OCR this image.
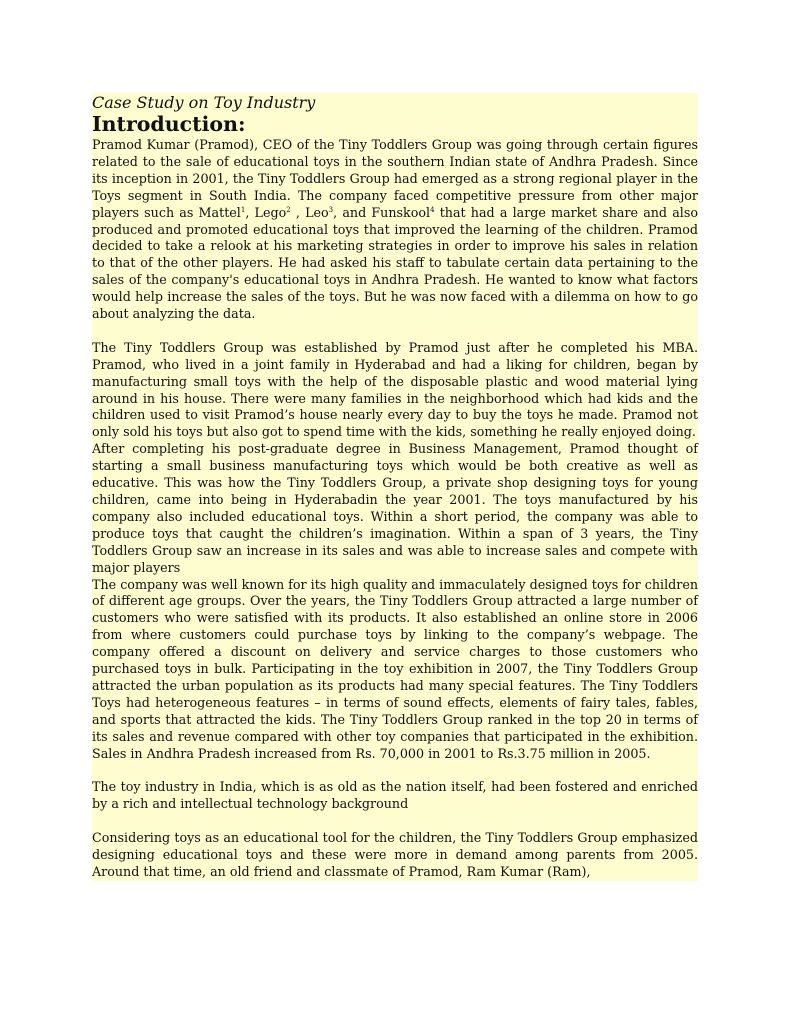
Case Study on Toy Industry
Introduction:

Pramod Kumar (Pramod), CEO of the Tiny Toddlers Group was going through certain figures related to the sale of educational toys in the southern Indian state of Andhra Pradesh. Since its inception in 2001, the Tiny Toddlers Group had emerged as a strong regional player in the Toys segment in South India. The company faced competitive pressure from other major players such as Mattel$^1$, Lego$^2$ , Leo$^3$, and Funskool$^4$ that had a large market share and also produced and promoted educational toys that improved the learning of the children. Pramod decided to take a relook at his marketing strategies in order to improve his sales in relation to that of the other players. He had asked his staff to tabulate certain data pertaining to the sales of the company's educational toys in Andhra Pradesh. He wanted to know what factors would help increase the sales of the toys. But he was now faced with a dilemma on how to go about analyzing the data.

The Tiny Toddlers Group was established by Pramod just after he completed his MBA. Pramod, who lived in a joint family in Hyderabad and had a liking for children, began by manufacturing small toys with the help of the disposable plastic and wood material lying around in his house. There were many families in the neighborhood which had kids and the children used to visit Pramod’s house nearly every day to buy the toys he made. Pramod not only sold his toys but also got to spend time with the kids, something he really enjoyed doing.

After completing his post-graduate degree in Business Management, Pramod thought of starting a small business manufacturing toys which would be both creative as well as educative. This was how the Tiny Toddlers Group, a private shop designing toys for young children, came into being in Hyderabadin the year 2001. The toys manufactured by his company also included educational toys. Within a short period, the company was able to produce toys that caught the children’s imagination. Within a span of 3 years, the Tiny Toddlers Group saw an increase in its sales and was able to increase sales and compete with major players

The company was well known for its high quality and immaculately designed toys for children of different age groups. Over the years, the Tiny Toddlers Group attracted a large number of customers who were satisfied with its products. It also established an online store in 2006 from where customers could purchase toys by linking to the company’s webpage. The company offered a discount on delivery and service charges to those customers who purchased toys in bulk. Participating in the toy exhibition in 2007, the Tiny Toddlers Group attracted the urban population as its products had many special features. The Tiny Toddlers Toys had heterogeneous features – in terms of sound effects, elements of fairy tales, fables, and sports that attracted the kids. The Tiny Toddlers Group ranked in the top 20 in terms of its sales and revenue compared with other toy companies that participated in the exhibition. Sales in Andhra Pradesh increased from Rs. 70,000 in 2001 to Rs.3.75 million in 2005.

The toy industry in India, which is as old as the nation itself, had been fostered and enriched by a rich and intellectual technology background

Considering toys as an educational tool for the children, the Tiny Toddlers Group emphasized designing educational toys and these were more in demand among parents from 2005. Around that time, an old friend and classmate of Pramod, Ram Kumar (Ram),
